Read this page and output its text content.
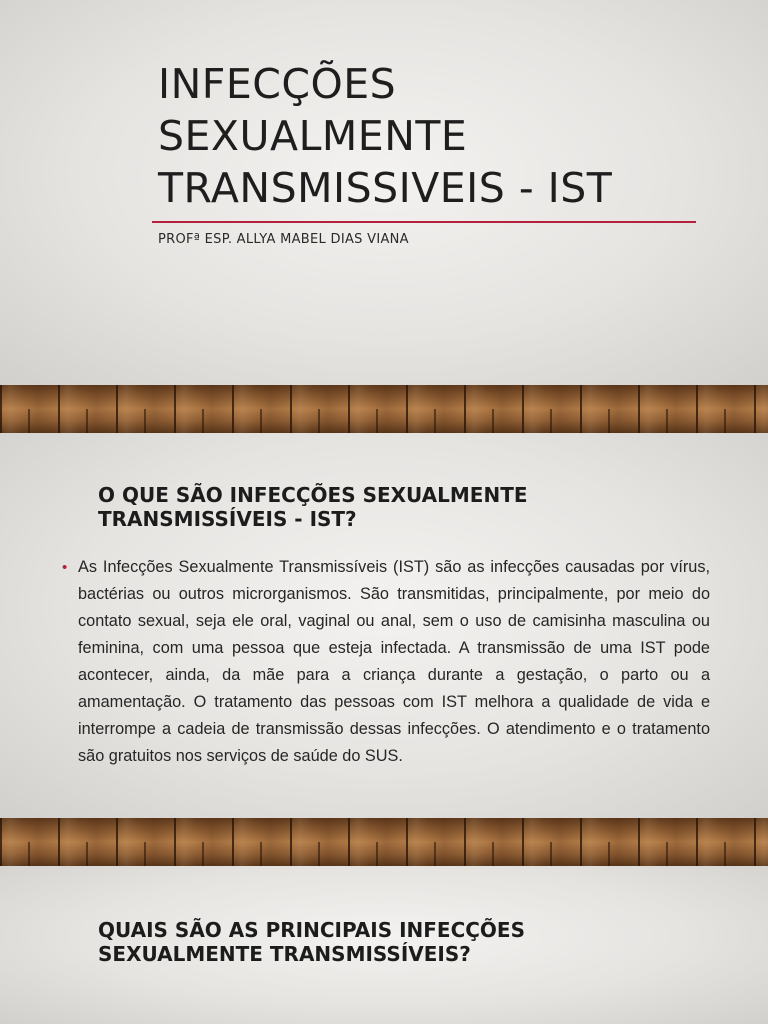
INFECÇÕES
SEXUALMENTE
TRANSMISSIVEIS - IST
PROFª ESP. ALLYA MABEL DIAS VIANA
O QUE SÃO INFECÇÕES SEXUALMENTE
TRANSMISSÍVEIS - IST?
• As Infecções Sexualmente Transmissíveis (IST) são as infecções causadas por vírus, bactérias ou outros microrganismos. São transmitidas, principalmente, por meio do contato sexual, seja ele oral, vaginal ou anal, sem o uso de camisinha masculina ou feminina, com uma pessoa que esteja infectada. A transmissão de uma IST pode acontecer, ainda, da mãe para a criança durante a gestação, o parto ou a amamentação. O tratamento das pessoas com IST melhora a qualidade de vida e interrompe a cadeia de transmissão dessas infecções. O atendimento e o tratamento são gratuitos nos serviços de saúde do SUS.
QUAIS SÃO AS PRINCIPAIS INFECÇÕES
SEXUALMENTE TRANSMISSÍVEIS?
